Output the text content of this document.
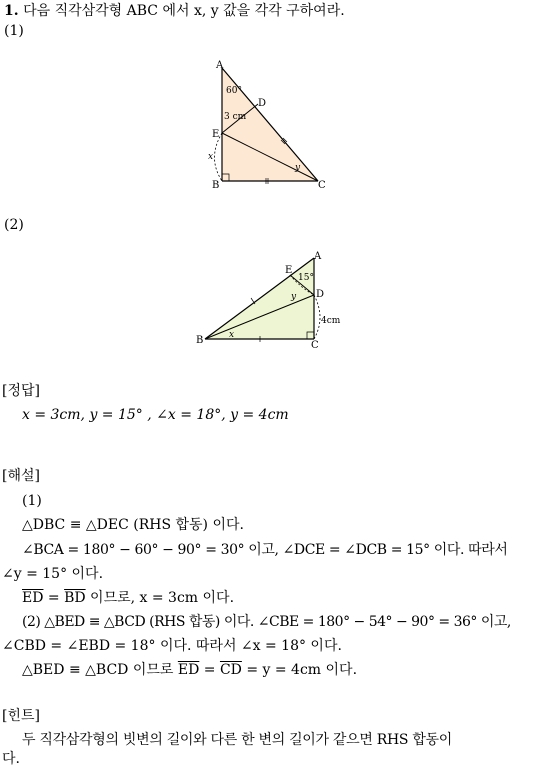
1. 다음 직각삼각형 ABC 에서 x, y 값을 각각 구하여라.
(1)
A
60°
D
3 cm
E
x
y
B	C
(2)
A
E
15°
y D
4cm
x
B	C
[정답]
x = 3cm, y = 15° , ∠x = 18°, y = 4cm
[해설]
(1)
△DBC ≡ △DEC (RHS 합동) 이다.
∠BCA = 180° − 60° − 90° = 30° 이고, ∠DCE = ∠DCB = 15° 이다. 따라서
∠y = 15° 이다.
$\overline{ED} = \overline{BD}$ 이므로, x = 3cm 이다.
(2) △BED ≡ △BCD (RHS 합동) 이다. ∠CBE = 180° − 54° − 90° = 36° 이고,
∠CBD = ∠EBD = 18° 이다. 따라서 ∠x = 18° 이다.
△BED ≡ △BCD 이므로 $\overline{ED} = \overline{CD} = y = 4cm$ 이다.
[힌트]
두 직각삼각형의 빗변의 길이와 다른 한 변의 길이가 같으면 RHS 합동이
다.
